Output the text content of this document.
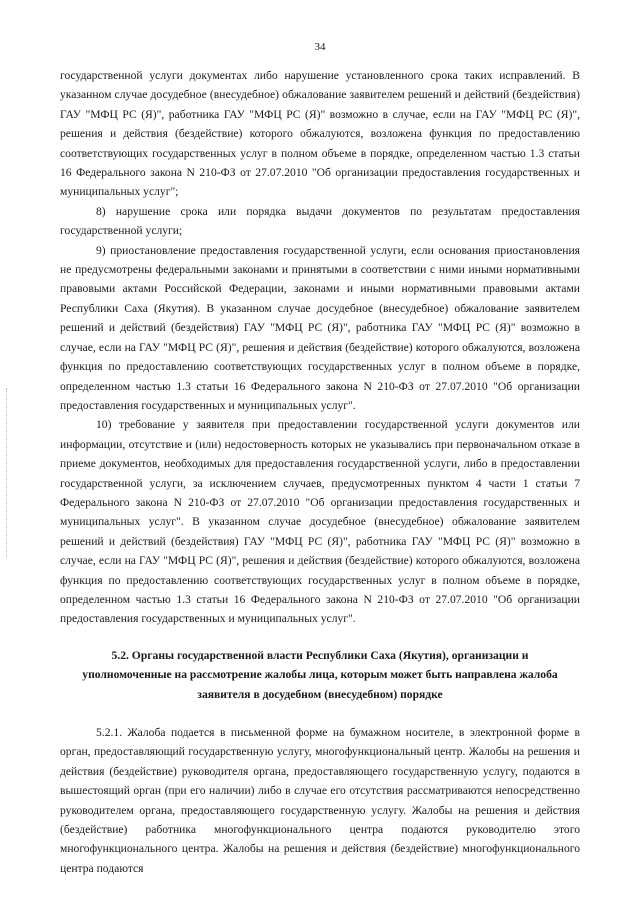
34

государственной услуги документах либо нарушение установленного срока таких исправлений. В указанном случае досудебное (внесудебное) обжалование заявителем решений и действий (бездействия) ГАУ "МФЦ РС (Я)", работника ГАУ "МФЦ РС (Я)" возможно в случае, если на ГАУ "МФЦ РС (Я)", решения и действия (бездействие) которого обжалуются, возложена функция по предоставлению соответствующих государственных услуг в полном объеме в порядке, определенном частью 1.3 статьи 16 Федерального закона N 210-ФЗ от 27.07.2010 "Об организации предоставления государственных и муниципальных услуг";

8) нарушение срока или порядка выдачи документов по результатам предоставления государственной услуги;

9) приостановление предоставления государственной услуги, если основания приостановления не предусмотрены федеральными законами и принятыми в соответствии с ними иными нормативными правовыми актами Российской Федерации, законами и иными нормативными правовыми актами Республики Саха (Якутия). В указанном случае досудебное (внесудебное) обжалование заявителем решений и действий (бездействия) ГАУ "МФЦ РС (Я)", работника ГАУ "МФЦ РС (Я)" возможно в случае, если на ГАУ "МФЦ РС (Я)", решения и действия (бездействие) которого обжалуются, возложена функция по предоставлению соответствующих государственных услуг в полном объеме в порядке, определенном частью 1.3 статьи 16 Федерального закона N 210-ФЗ от 27.07.2010 "Об организации предоставления государственных и муниципальных услуг".

10) требование у заявителя при предоставлении государственной услуги документов или информации, отсутствие и (или) недостоверность которых не указывались при первоначальном отказе в приеме документов, необходимых для предоставления государственной услуги, либо в предоставлении государственной услуги, за исключением случаев, предусмотренных пунктом 4 части 1 статьи 7 Федерального закона N 210-ФЗ от 27.07.2010 "Об организации предоставления государственных и муниципальных услуг". В указанном случае досудебное (внесудебное) обжалование заявителем решений и действий (бездействия) ГАУ "МФЦ РС (Я)", работника ГАУ "МФЦ РС (Я)" возможно в случае, если на ГАУ "МФЦ РС (Я)", решения и действия (бездействие) которого обжалуются, возложена функция по предоставлению соответствующих государственных услуг в полном объеме в порядке, определенном частью 1.3 статьи 16 Федерального закона N 210-ФЗ от 27.07.2010 "Об организации предоставления государственных и муниципальных услуг".

5.2. Органы государственной власти Республики Саха (Якутия), организации и уполномоченные на рассмотрение жалобы лица, которым может быть направлена жалоба заявителя в досудебном (внесудебном) порядке

5.2.1. Жалоба подается в письменной форме на бумажном носителе, в электронной форме в орган, предоставляющий государственную услугу, многофункциональный центр. Жалобы на решения и действия (бездействие) руководителя органа, предоставляющего государственную услугу, подаются в вышестоящий орган (при его наличии) либо в случае его отсутствия рассматриваются непосредственно руководителем органа, предоставляющего государственную услугу. Жалобы на решения и действия (бездействие) работника многофункционального центра подаются руководителю этого многофункционального центра. Жалобы на решения и действия (бездействие) многофункционального центра подаются
